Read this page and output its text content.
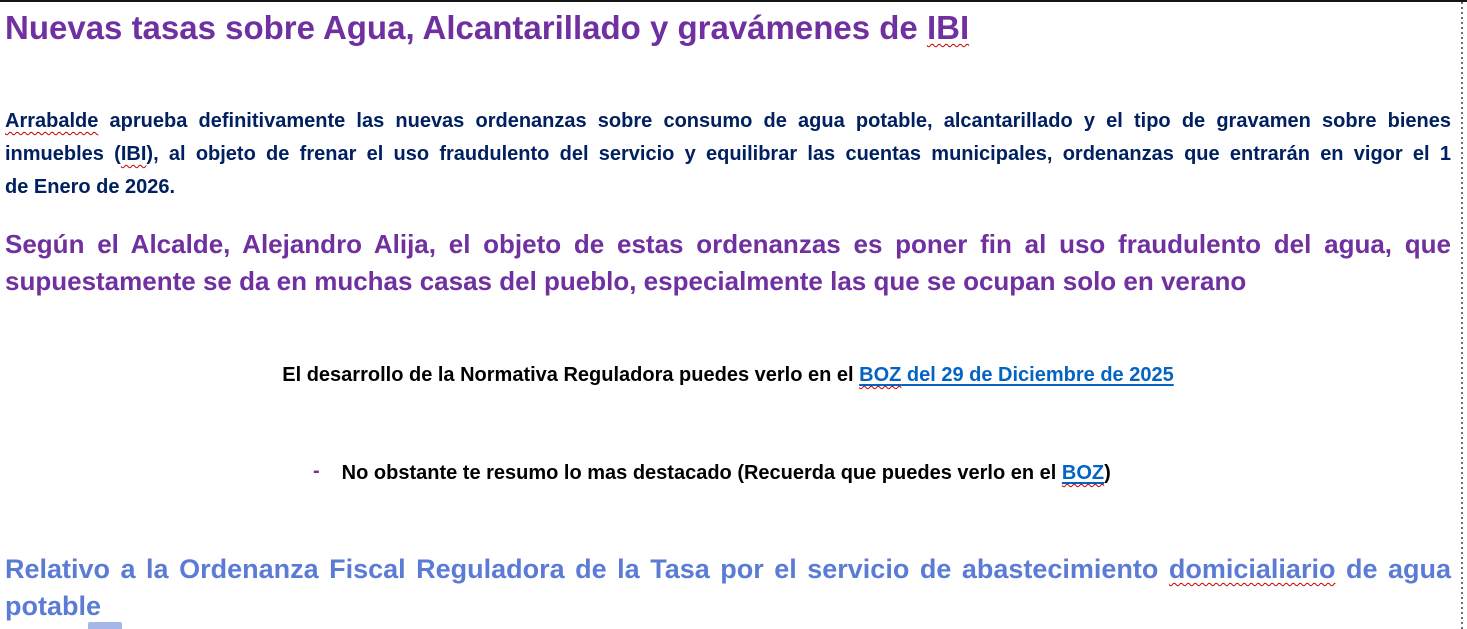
Nuevas tasas sobre Agua, Alcantarillado y gravámenes de IBI
Arrabalde aprueba definitivamente las nuevas ordenanzas sobre consumo de agua potable, alcantarillado y el tipo de gravamen sobre bienes
inmuebles (IBI), al objeto de frenar el uso fraudulento del servicio y equilibrar las cuentas municipales, ordenanzas que entrarán en vigor el 1
de Enero de 2026.
Según el Alcalde, Alejandro Alija, el objeto de estas ordenanzas es poner fin al uso fraudulento del agua, que
supuestamente se da en muchas casas del pueblo, especialmente las que se ocupan solo en verano
El desarrollo de la Normativa Reguladora puedes verlo en el BOZ del 29 de Diciembre de 2025
- No obstante te resumo lo mas destacado (Recuerda que puedes verlo en el BOZ)
Relativo a la Ordenanza Fiscal Reguladora de la Tasa por el servicio de abastecimiento domicialiario de agua
potable
